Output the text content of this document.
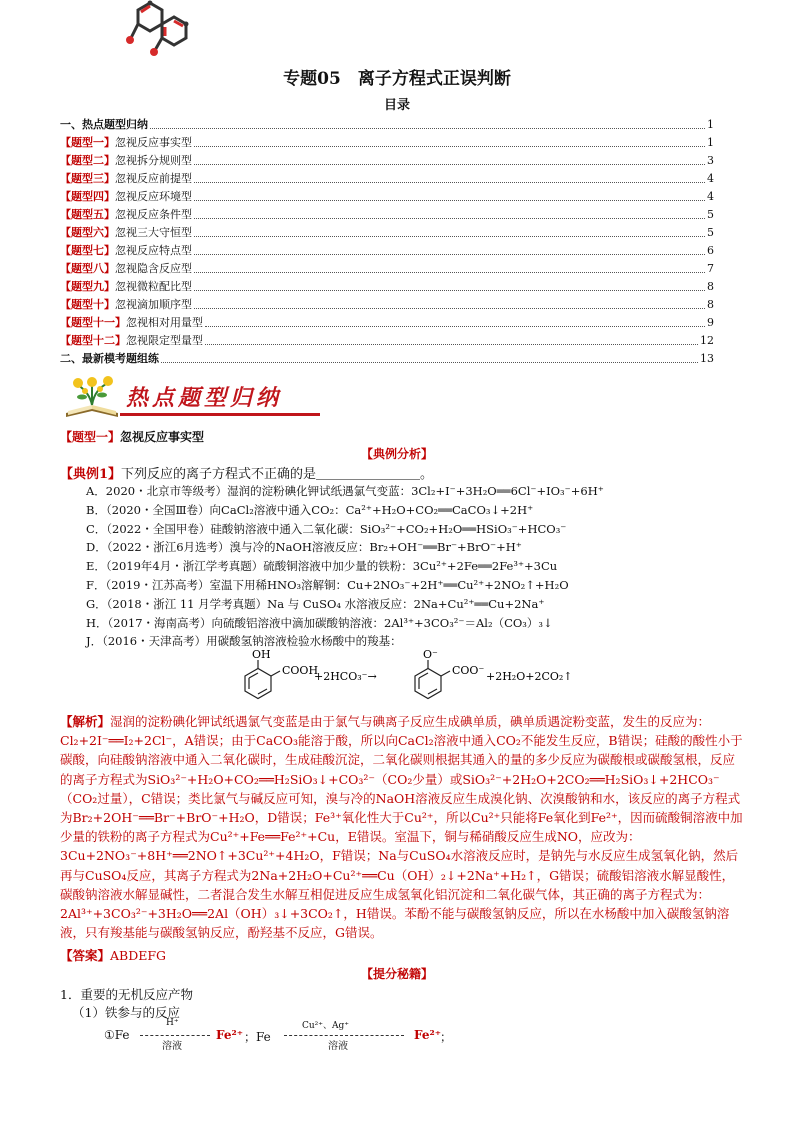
专题05　离子方程式正误判断
目录
一、热点题型归纳	1
【题型一】忽视反应事实型	1
【题型二】忽视拆分规则型	3
【题型三】忽视反应前提型	4
【题型四】忽视反应环境型	4
【题型五】忽视反应条件型	5
【题型六】忽视三大守恒型	5
【题型七】忽视反应特点型	6
【题型八】忽视隐含反应型	7
【题型九】忽视微粒配比型	8
【题型十】忽视滴加顺序型	8
【题型十一】忽视相对用量型	9
【题型十二】忽视限定型量型	12
二、最新模考题组练	13
热点题型归纳
【题型一】忽视反应事实型
【典例分析】
【典例1】下列反应的离子方程式不正确的是＿＿＿＿＿＿＿＿。
A．2020・北京市等级考）湿润的淀粉碘化钾试纸遇氯气变蓝：3Cl₂+I⁻+3H₂O══6Cl⁻+IO₃⁻+6H⁺
B．（2020・全国Ⅲ卷）向CaCl₂溶液中通入CO₂：Ca²⁺+H₂O+CO₂══CaCO₃↓+2H⁺
C．（2022・全国甲卷）硅酸钠溶液中通入二氧化碳：SiO₃²⁻+CO₂+H₂O══HSiO₃⁻+HCO₃⁻
D．（2022・浙江6月选考）溴与冷的NaOH溶液反应：Br₂+OH⁻══Br⁻+BrO⁻+H⁺
E．（2019年4月・浙江学考真题）硫酸铜溶液中加少量的铁粉：3Cu²⁺+2Fe══2Fe³⁺+3Cu
F．（2019・江苏高考）室温下用稀HNO₃溶解铜：Cu+2NO₃⁻+2H⁺══Cu²⁺+2NO₂↑+H₂O
G．（2018・浙江 11 月学考真题）Na 与 CuSO₄ 水溶液反应：2Na+Cu²⁺══Cu+2Na⁺
H．（2017・海南高考）向硫酸铝溶液中滴加碳酸钠溶液：2Al³⁺+3CO₃²⁻＝Al₂（CO₃）₃↓
J．（2016・天津高考）用碳酸氢钠溶液检验水杨酸中的羧基：
OH
COOH
+2HCO₃⁻→
O⁻
COO⁻ +2H₂O+2CO₂↑
【解析】湿润的淀粉碘化钾试纸遇氯气变蓝是由于氯气与碘离子反应生成碘单质，碘单质遇淀粉变蓝，发生的反应为：Cl₂+2I⁻══I₂+2Cl⁻，A错误；由于CaCO₃能溶于酸，所以向CaCl₂溶液中通入CO₂不能发生反应，B错误；硅酸的酸性小于碳酸，向硅酸钠溶液中通入二氧化碳时，生成硅酸沉淀，二氧化碳则根据其通入的量的多少反应为碳酸根或碳酸氢根，反应的离子方程式为SiO₃²⁻+H₂O+CO₂══H₂SiO₃↓+CO₃²⁻（CO₂少量）或SiO₃²⁻+2H₂O+2CO₂══H₂SiO₃↓+2HCO₃⁻（CO₂过量），C错误；类比氯气与碱反应可知，溴与冷的NaOH溶液反应生成溴化钠、次溴酸钠和水，该反应的离子方程式为Br₂+2OH⁻══Br⁻+BrO⁻+H₂O，D错误；Fe³⁺氧化性大于Cu²⁺，所以Cu²⁺只能将Fe氧化到Fe²⁺，因而硫酸铜溶液中加少量的铁粉的离子方程式为Cu²⁺+Fe══Fe²⁺+Cu，E错误。室温下，铜与稀硝酸反应生成NO，应改为：3Cu+2NO₃⁻+8H⁺══2NO↑+3Cu²⁺+4H₂O，F错误；Na与CuSO₄水溶液反应时，是钠先与水反应生成氢氧化钠，然后再与CuSO₄反应，其离子方程式为2Na+2H₂O+Cu²⁺══Cu（OH）₂↓+2Na⁺+H₂↑，G错误；硫酸铝溶液水解显酸性，碳酸钠溶液水解显碱性，二者混合发生水解互相促进反应生成氢氧化铝沉淀和二氧化碳气体，其正确的离子方程式为：2Al³⁺+3CO₃²⁻+3H₂O══2Al（OH）₃↓+3CO₂↑，H错误。苯酚不能与碳酸氢钠反应，所以在水杨酸中加入碳酸氢钠溶液，只有羧基能与碳酸氢钠反应，酚羟基不反应，G错误。
【答案】ABDEFG
【提分秘籍】
1．重要的无机反应产物
（1）铁参与的反应
①Fe
H⁺
溶液
Fe²⁺ ；Fe
Cu²⁺、Ag⁺
溶液
Fe²⁺
；
